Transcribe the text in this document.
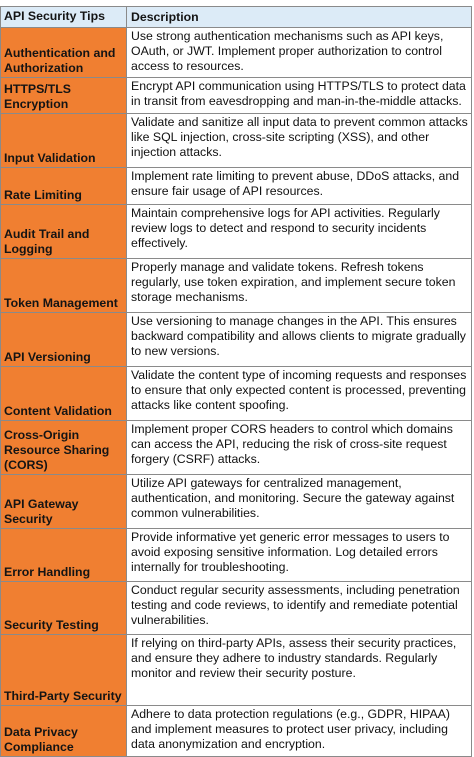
API Security Tips	Description
Authentication and Authorization
Use strong authentication mechanisms such as API keys, OAuth, or JWT. Implement proper authorization to control access to resources.
HTTPS/TLS Encryption
Encrypt API communication using HTTPS/TLS to protect data in transit from eavesdropping and man-in-the-middle attacks.
Input Validation
Validate and sanitize all input data to prevent common attacks like SQL injection, cross-site scripting (XSS), and other injection attacks.
Rate Limiting
Implement rate limiting to prevent abuse, DDoS attacks, and ensure fair usage of API resources.
Audit Trail and Logging
Maintain comprehensive logs for API activities. Regularly review logs to detect and respond to security incidents effectively.
Token Management
Properly manage and validate tokens. Refresh tokens regularly, use token expiration, and implement secure token storage mechanisms.
API Versioning
Use versioning to manage changes in the API. This ensures backward compatibility and allows clients to migrate gradually to new versions.
Content Validation
Validate the content type of incoming requests and responses to ensure that only expected content is processed, preventing attacks like content spoofing.
Cross-Origin Resource Sharing (CORS)
Implement proper CORS headers to control which domains can access the API, reducing the risk of cross-site request forgery (CSRF) attacks.
API Gateway Security
Utilize API gateways for centralized management, authentication, and monitoring. Secure the gateway against common vulnerabilities.
Error Handling
Provide informative yet generic error messages to users to avoid exposing sensitive information. Log detailed errors internally for troubleshooting.
Security Testing
Conduct regular security assessments, including penetration testing and code reviews, to identify and remediate potential vulnerabilities.
Third-Party Security
If relying on third-party APIs, assess their security practices, and ensure they adhere to industry standards. Regularly monitor and review their security posture.
Data Privacy Compliance
Adhere to data protection regulations (e.g., GDPR, HIPAA) and implement measures to protect user privacy, including data anonymization and encryption.
